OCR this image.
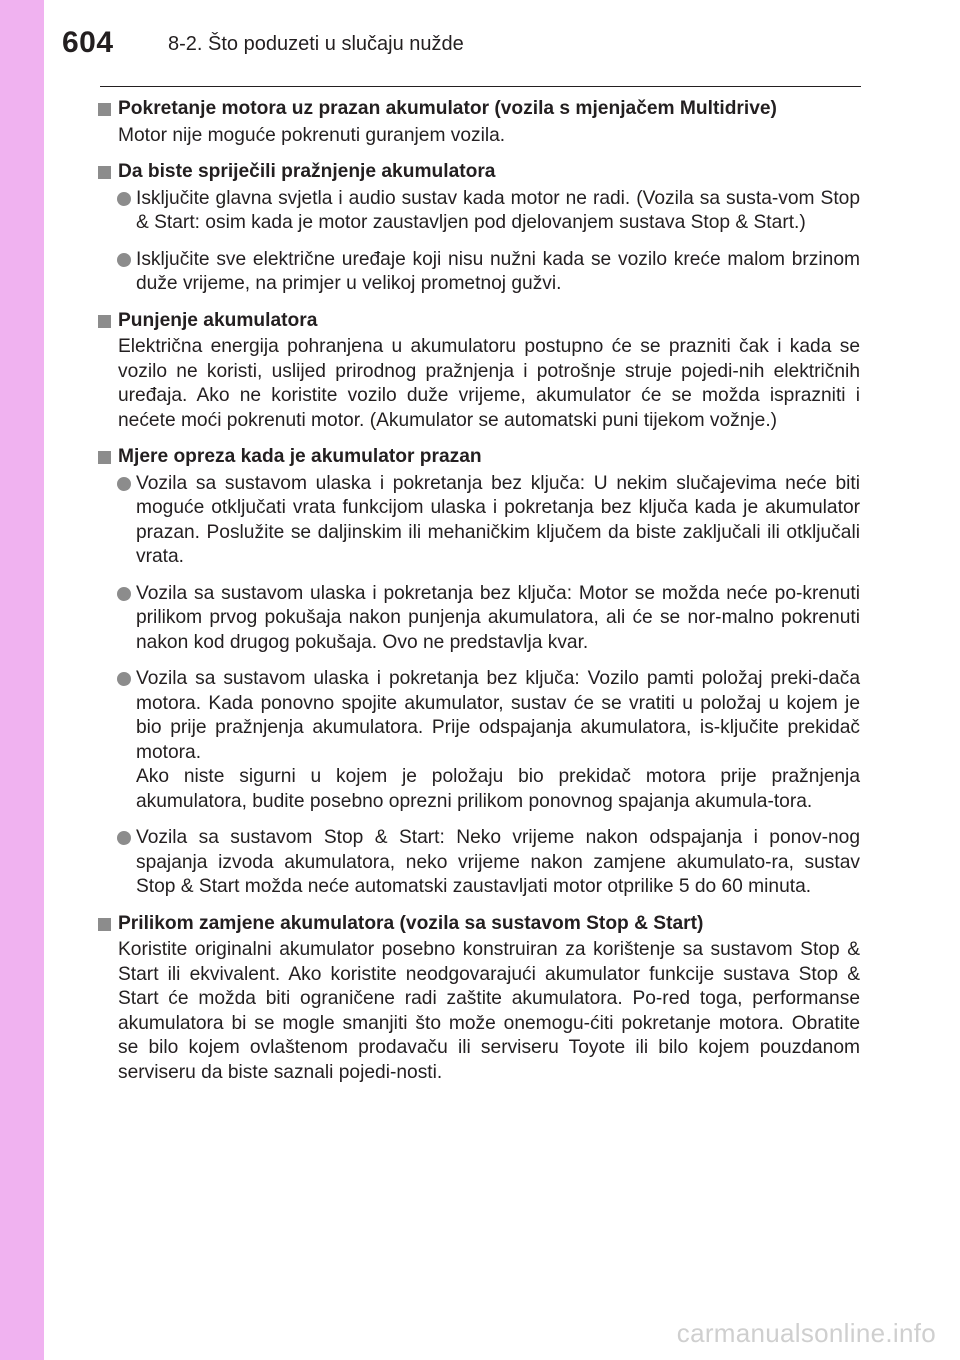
604	8-2. Što poduzeti u slučaju nužde
Pokretanje motora uz prazan akumulator (vozila s mjenjačem Multidrive)
Motor nije moguće pokrenuti guranjem vozila.
Da biste spriječili pražnjenje akumulatora
Isključite glavna svjetla i audio sustav kada motor ne radi. (Vozila sa susta-vom Stop & Start: osim kada je motor zaustavljen pod djelovanjem sustava Stop & Start.)
Isključite sve električne uređaje koji nisu nužni kada se vozilo kreće malom brzinom duže vrijeme, na primjer u velikoj prometnoj gužvi.
Punjenje akumulatora
Električna energija pohranjena u akumulatoru postupno će se prazniti čak i kada se vozilo ne koristi, uslijed prirodnog pražnjenja i potrošnje struje pojedi-nih električnih uređaja. Ako ne koristite vozilo duže vrijeme, akumulator će se možda isprazniti i nećete moći pokrenuti motor. (Akumulator se automatski puni tijekom vožnje.)
Mjere opreza kada je akumulator prazan
Vozila sa sustavom ulaska i pokretanja bez ključa: U nekim slučajevima neće biti moguće otključati vrata funkcijom ulaska i pokretanja bez ključa kada je akumulator prazan. Poslužite se daljinskim ili mehaničkim ključem da biste zaključali ili otključali vrata.
Vozila sa sustavom ulaska i pokretanja bez ključa: Motor se možda neće po-krenuti prilikom prvog pokušaja nakon punjenja akumulatora, ali će se nor-malno pokrenuti nakon kod drugog pokušaja. Ovo ne predstavlja kvar.
Vozila sa sustavom ulaska i pokretanja bez ključa: Vozilo pamti položaj preki-dača motora. Kada ponovno spojite akumulator, sustav će se vratiti u položaj u kojem je bio prije pražnjenja akumulatora. Prije odspajanja akumulatora, is-ključite prekidač motora.
Ako niste sigurni u kojem je položaju bio prekidač motora prije pražnjenja akumulatora, budite posebno oprezni prilikom ponovnog spajanja akumula-tora.
Vozila sa sustavom Stop & Start: Neko vrijeme nakon odspajanja i ponov-nog spajanja izvoda akumulatora, neko vrijeme nakon zamjene akumulato-ra, sustav Stop & Start možda neće automatski zaustavljati motor otprilike 5 do 60 minuta.
Prilikom zamjene akumulatora (vozila sa sustavom Stop & Start)
Koristite originalni akumulator posebno konstruiran za korištenje sa sustavom Stop & Start ili ekvivalent. Ako koristite neodgovarajući akumulator funkcije sustava Stop & Start će možda biti ograničene radi zaštite akumulatora. Po-red toga, performanse akumulatora bi se mogle smanjiti što može onemogu-ćiti pokretanje motora. Obratite se bilo kojem ovlaštenom prodavaču ili serviseru Toyote ili bilo kojem pouzdanom serviseru da biste saznali pojedi-nosti.
carmanualsonline.info
